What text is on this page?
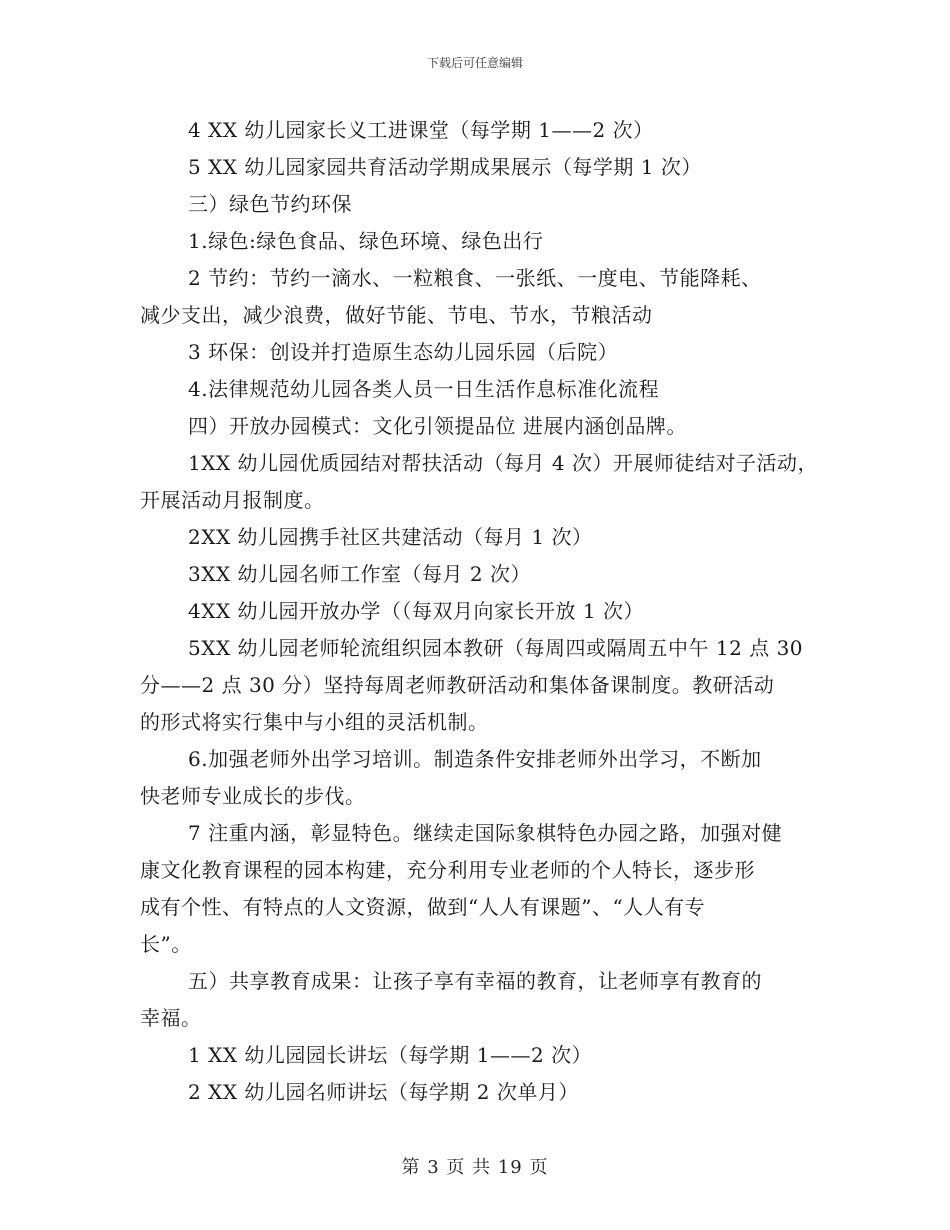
下载后可任意编辑
4 XX 幼儿园家长义工进课堂（每学期 1——2 次）
5 XX 幼儿园家园共育活动学期成果展示（每学期 1 次）
三）绿色节约环保
1.绿色:绿色食品、绿色环境、绿色出行
2 节约：节约一滴水、一粒粮食、一张纸、一度电、节能降耗、
减少支出，减少浪费，做好节能、节电、节水，节粮活动
3 环保：创设并打造原生态幼儿园乐园（后院）
4.法律规范幼儿园各类人员一日生活作息标准化流程
四）开放办园模式：文化引领提品位 进展内涵创品牌。
1XX 幼儿园优质园结对帮扶活动（每月 4 次）开展师徒结对子活动，
开展活动月报制度。
2XX 幼儿园携手社区共建活动（每月 1 次）
3XX 幼儿园名师工作室（每月 2 次）
4XX 幼儿园开放办学（（每双月向家长开放 1 次）
5XX 幼儿园老师轮流组织园本教研（每周四或隔周五中午 12 点 30
分——2 点 30 分）坚持每周老师教研活动和集体备课制度。教研活动
的形式将实行集中与小组的灵活机制。
6.加强老师外出学习培训。制造条件安排老师外出学习，不断加
快老师专业成长的步伐。
7 注重内涵，彰显特色。继续走国际象棋特色办园之路，加强对健
康文化教育课程的园本构建，充分利用专业老师的个人特长，逐步形
成有个性、有特点的人文资源，做到“人人有课题”、“人人有专
长”。
五）共享教育成果：让孩子享有幸福的教育，让老师享有教育的
幸福。
1 XX 幼儿园园长讲坛（每学期 1——2 次）
2 XX 幼儿园名师讲坛（每学期 2 次单月）
第 3 页 共 19 页
